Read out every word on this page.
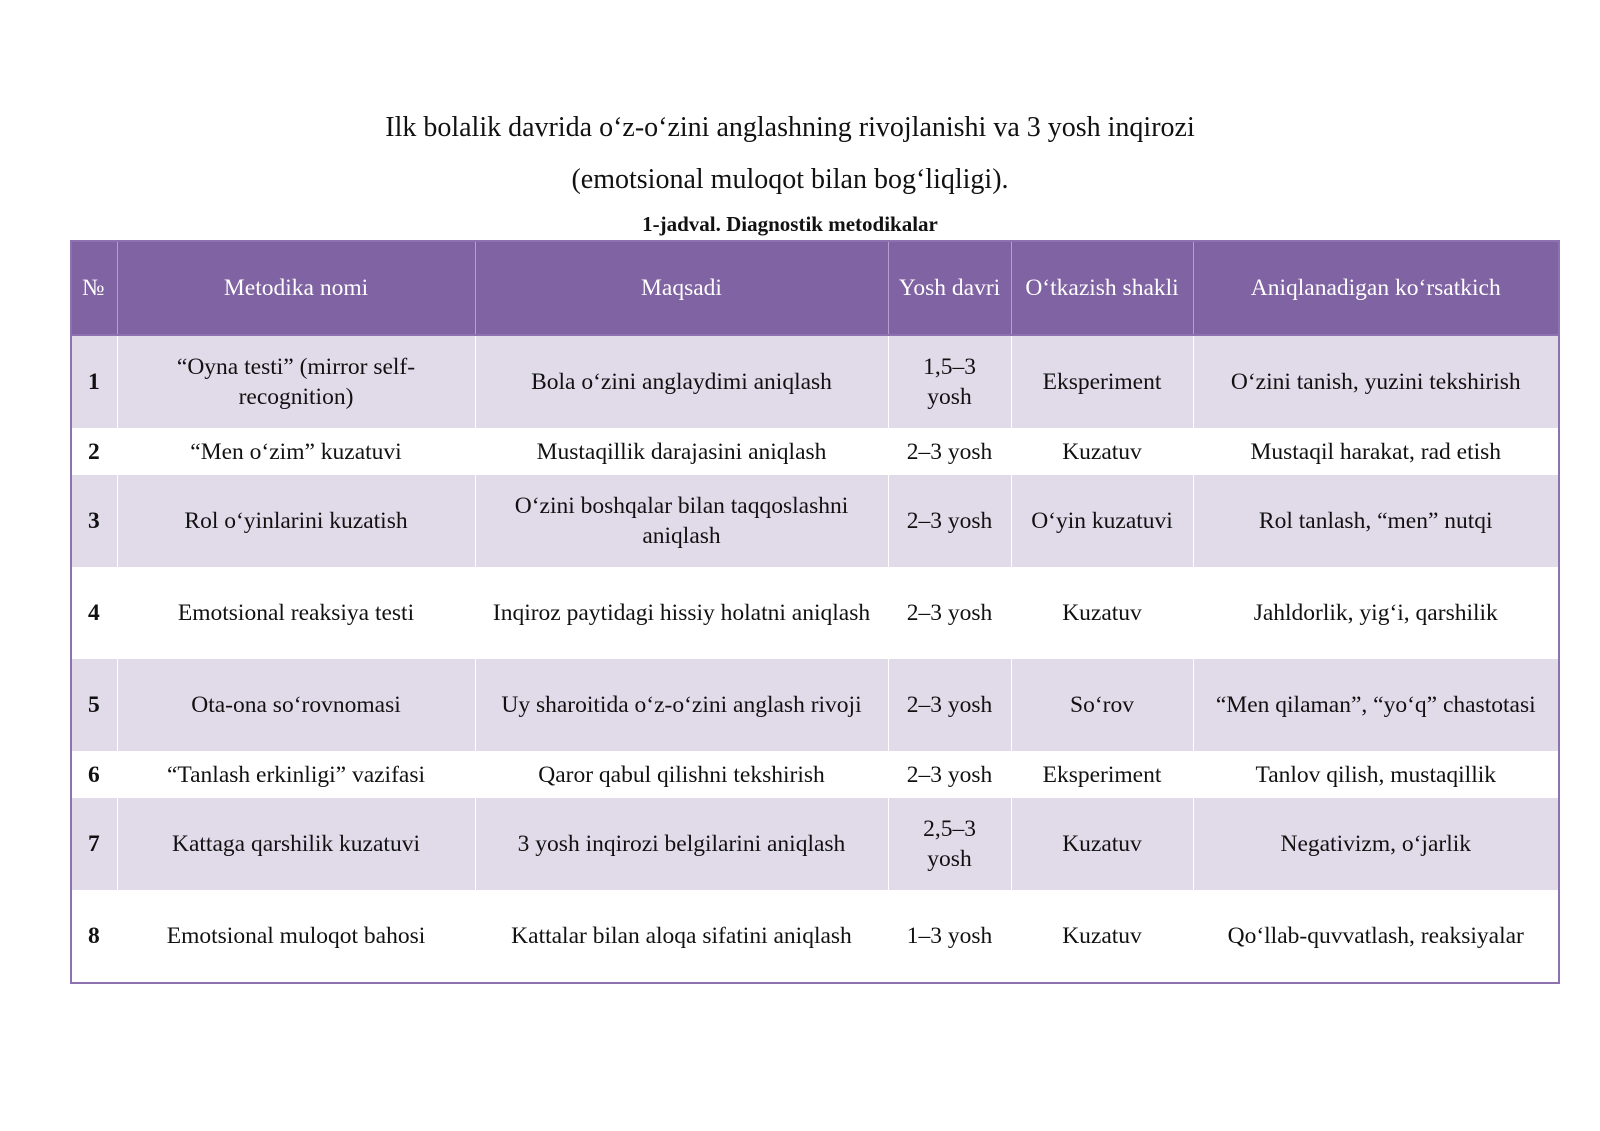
Ilk bolalik davrida o‘z-o‘zini anglashning rivojlanishi va 3 yosh inqirozi

(emotsional muloqot bilan bog‘liqligi).

1-jadval. Diagnostik metodikalar
№	Metodika nomi	Maqsadi	Yosh davri	O‘tkazish shakli	Aniqlanadigan ko‘rsatkich
1	“Oyna testi” (mirror self-recognition)	Bola o‘zini anglaydimi aniqlash	1,5–3 yosh	Eksperiment	O‘zini tanish, yuzini tekshirish
2	“Men o‘zim” kuzatuvi	Mustaqillik darajasini aniqlash	2–3 yosh	Kuzatuv	Mustaqil harakat, rad etish
3	Rol o‘yinlarini kuzatish	O‘zini boshqalar bilan taqqoslashni aniqlash	2–3 yosh	O‘yin kuzatuvi	Rol tanlash, “men” nutqi
4	Emotsional reaksiya testi	Inqiroz paytidagi hissiy holatni aniqlash	2–3 yosh	Kuzatuv	Jahldorlik, yig‘i, qarshilik
5	Ota-ona so‘rovnomasi	Uy sharoitida o‘z-o‘zini anglash rivoji	2–3 yosh	So‘rov	“Men qilaman”, “yo‘q” chastotasi
6	“Tanlash erkinligi” vazifasi	Qaror qabul qilishni tekshirish	2–3 yosh	Eksperiment	Tanlov qilish, mustaqillik
7	Kattaga qarshilik kuzatuvi	3 yosh inqirozi belgilarini aniqlash	2,5–3 yosh	Kuzatuv	Negativizm, o‘jarlik
8	Emotsional muloqot bahosi	Kattalar bilan aloqa sifatini aniqlash	1–3 yosh	Kuzatuv	Qo‘llab-quvvatlash, reaksiyalar
